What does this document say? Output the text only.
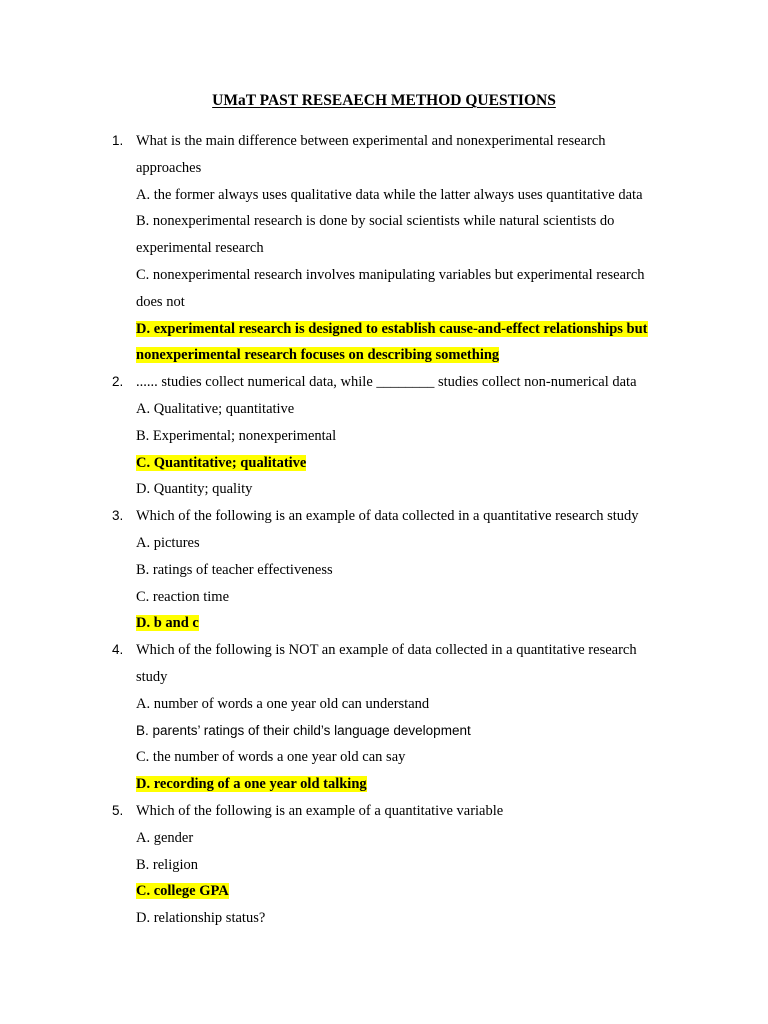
UMaT PAST RESEAECH METHOD QUESTIONS
1. What is the main difference between experimental and nonexperimental research
approaches
A. the former always uses qualitative data while the latter always uses quantitative data
B. nonexperimental research is done by social scientists while natural scientists do
experimental research
C. nonexperimental research involves manipulating variables but experimental research
does not
D. experimental research is designed to establish cause-and-effect relationships but
nonexperimental research focuses on describing something
2. ...... studies collect numerical data, while ________ studies collect non-numerical data
A. Qualitative; quantitative
B. Experimental; nonexperimental
C. Quantitative; qualitative
D. Quantity; quality
3. Which of the following is an example of data collected in a quantitative research study
A. pictures
B. ratings of teacher effectiveness
C. reaction time
D. b and c
4. Which of the following is NOT an example of data collected in a quantitative research
study
A. number of words a one year old can understand
B. parents’ ratings of their child’s language development
C. the number of words a one year old can say
D. recording of a one year old talking
5. Which of the following is an example of a quantitative variable
A. gender
B. religion
C. college GPA
D. relationship status?
